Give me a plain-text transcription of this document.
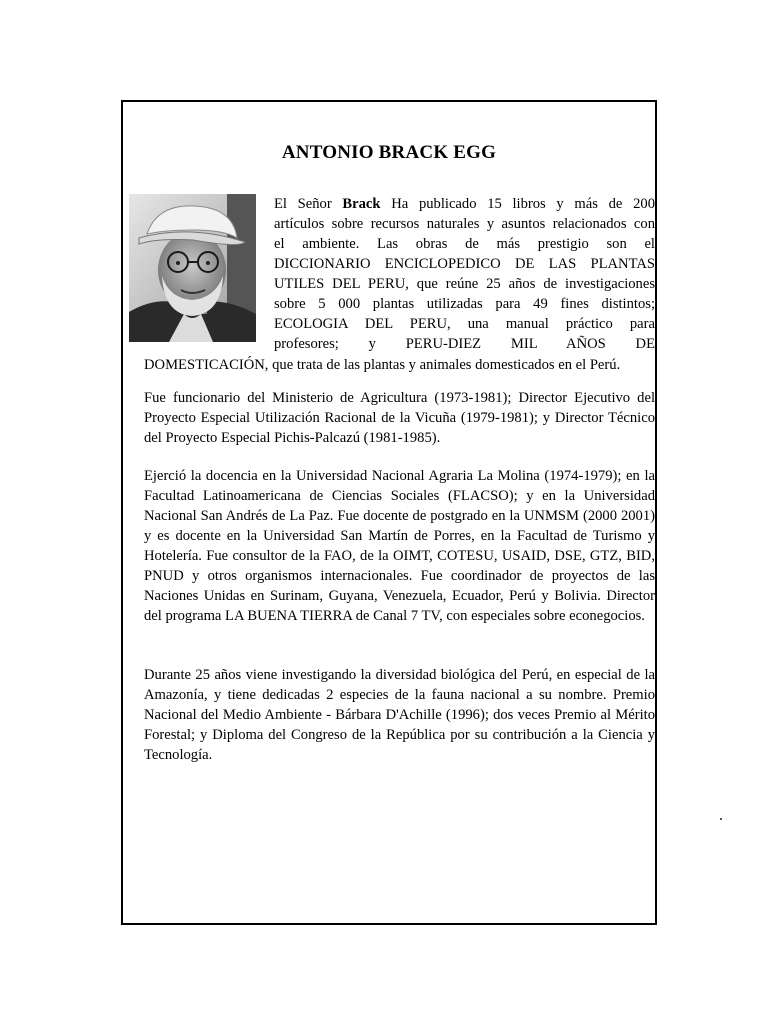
ANTONIO BRACK EGG

El Señor Brack Ha publicado 15 libros y más de 200

artículos sobre recursos naturales y asuntos relacionados con

el ambiente. Las obras de más prestigio son el

DICCIONARIO ENCICLOPEDICO DE LAS PLANTAS

UTILES DEL PERU, que reúne 25 años de investigaciones

sobre 5 000 plantas utilizadas para 49 fines distintos;

ECOLOGIA DEL PERU, una manual práctico para

profesores; y PERU-DIEZ MIL AÑOS DE

DOMESTICACIÓN, que trata de las plantas y animales domesticados en el Perú.

Fue funcionario del Ministerio de Agricultura (1973-1981); Director Ejecutivo del Proyecto Especial Utilización Racional de la Vicuña (1979-1981); y Director Técnico del Proyecto Especial Pichis-Palcazú (1981-1985).

Ejerció la docencia en la Universidad Nacional Agraria La Molina (1974-1979); en la Facultad Latinoamericana de Ciencias Sociales (FLACSO); y en la Universidad Nacional San Andrés de La Paz. Fue docente de postgrado en la UNMSM (2000 2001) y es docente en la Universidad San Martín de Porres, en la Facultad de Turismo y Hotelería. Fue consultor de la FAO, de la OIMT, COTESU, USAID, DSE, GTZ, BID, PNUD y otros organismos internacionales. Fue coordinador de proyectos de las Naciones Unidas en Surinam, Guyana, Venezuela, Ecuador, Perú y Bolivia. Director del programa LA BUENA TIERRA de Canal 7 TV, con especiales sobre econegocios.

Durante 25 años viene investigando la diversidad biológica del Perú, en especial de la Amazonía, y tiene dedicadas 2 especies de la fauna nacional a su nombre. Premio Nacional del Medio Ambiente - Bárbara D'Achille (1996); dos veces Premio al Mérito Forestal; y Diploma del Congreso de la República por su contribución a la Ciencia y Tecnología.
